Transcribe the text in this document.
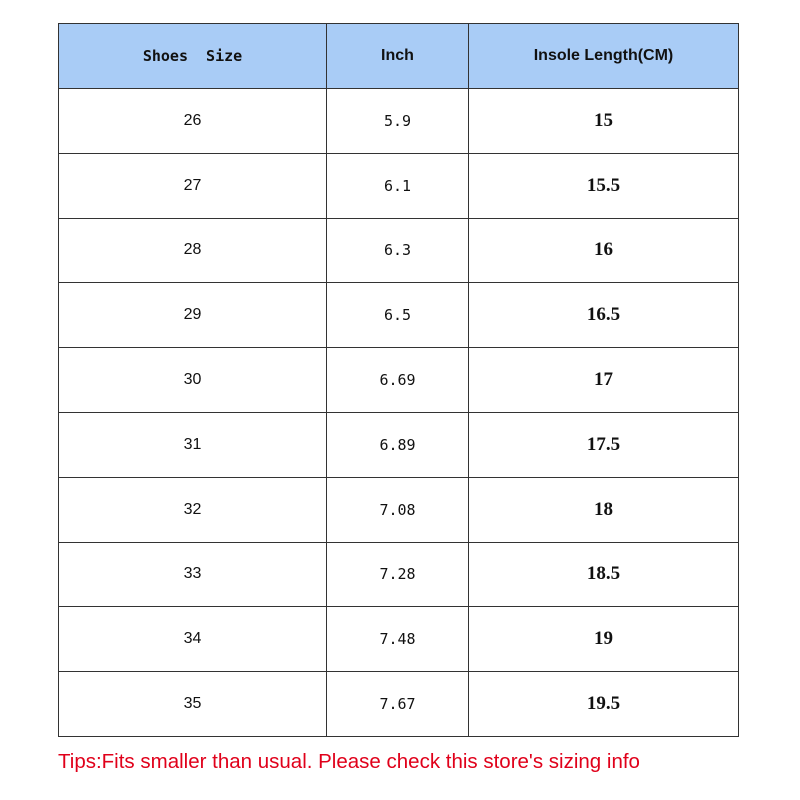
Shoes  Size	Inch	Insole Length(CM)
26	5.9	15
27	6.1	15.5
28	6.3	16
29	6.5	16.5
30	6.69	17
31	6.89	17.5
32	7.08	18
33	7.28	18.5
34	7.48	19
35	7.67	19.5
Tips:Fits smaller than usual. Please check this store's sizing info
